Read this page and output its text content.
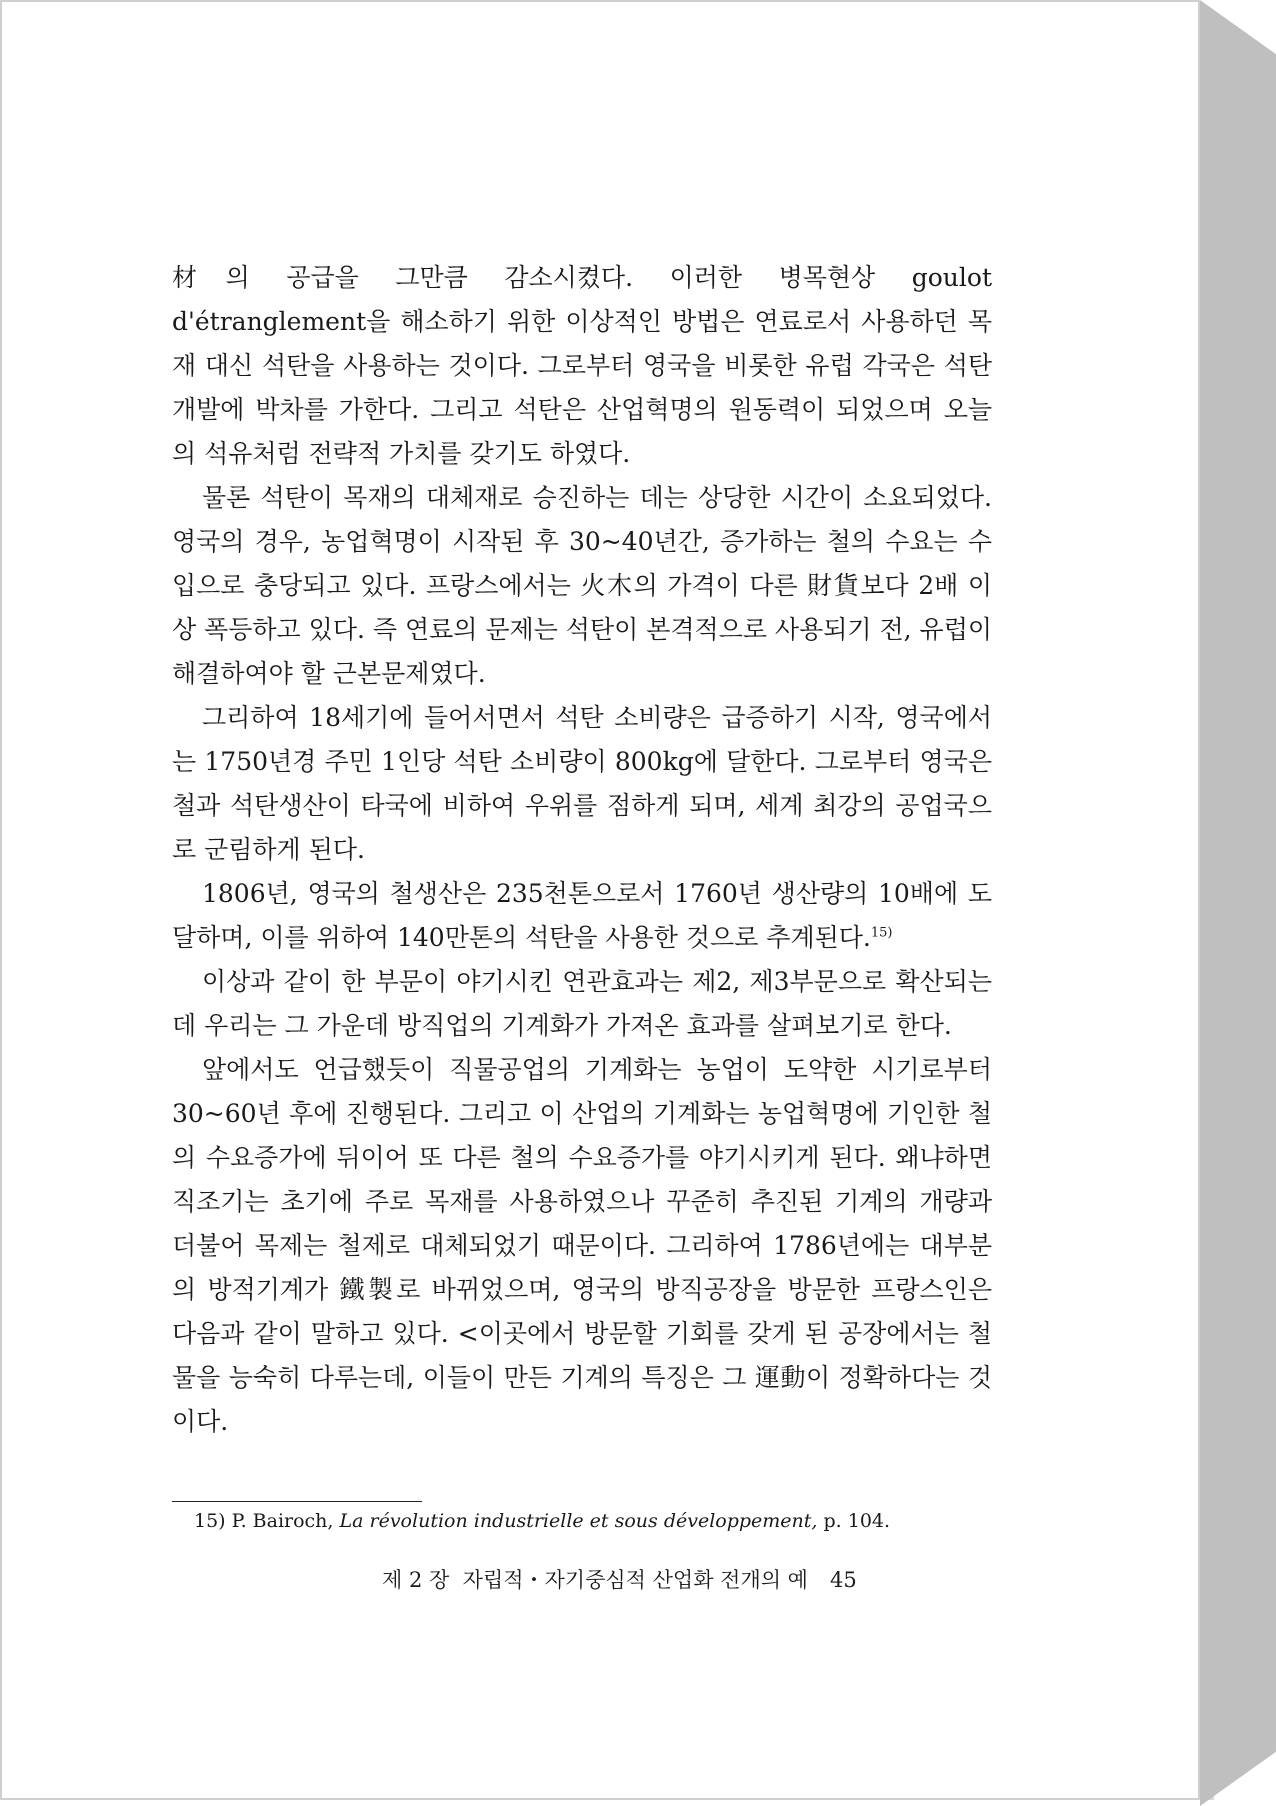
材의 공급을 그만큼 감소시켰다. 이러한 병목현상 goulot d'étranglement을 해소하기 위한 이상적인 방법은 연료로서 사용하던 목재 대신 석탄을 사용하는 것이다. 그로부터 영국을 비롯한 유럽 각국은 석탄개발에 박차를 가한다. 그리고 석탄은 산업혁명의 원동력이 되었으며 오늘의 석유처럼 전략적 가치를 갖기도 하였다.

물론 석탄이 목재의 대체재로 승진하는 데는 상당한 시간이 소요되었다. 영국의 경우, 농업혁명이 시작된 후 30~40년간, 증가하는 철의 수요는 수입으로 충당되고 있다. 프랑스에서는 火木의 가격이 다른 財貨보다 2배 이상 폭등하고 있다. 즉 연료의 문제는 석탄이 본격적으로 사용되기 전, 유럽이 해결하여야 할 근본문제였다.

그리하여 18세기에 들어서면서 석탄 소비량은 급증하기 시작, 영국에서는 1750년경 주민 1인당 석탄 소비량이 800kg에 달한다. 그로부터 영국은 철과 석탄생산이 타국에 비하여 우위를 점하게 되며, 세계 최강의 공업국으로 군림하게 된다.

1806년, 영국의 철생산은 235천톤으로서 1760년 생산량의 10배에 도달하며, 이를 위하여 140만톤의 석탄을 사용한 것으로 추계된다.$^{15)}$

이상과 같이 한 부문이 야기시킨 연관효과는 제2, 제3부문으로 확산되는데 우리는 그 가운데 방직업의 기계화가 가져온 효과를 살펴보기로 한다.

앞에서도 언급했듯이 직물공업의 기계화는 농업이 도약한 시기로부터 30~60년 후에 진행된다. 그리고 이 산업의 기계화는 농업혁명에 기인한 철의 수요증가에 뒤이어 또 다른 철의 수요증가를 야기시키게 된다. 왜냐하면 직조기는 초기에 주로 목재를 사용하였으나 꾸준히 추진된 기계의 개량과 더불어 목제는 철제로 대체되었기 때문이다. 그리하여 1786년에는 대부분의 방적기계가 鐵製로 바뀌었으며, 영국의 방직공장을 방문한 프랑스인은 다음과 같이 말하고 있다. <이곳에서 방문할 기회를 갖게 된 공장에서는 철물을 능숙히 다루는데, 이들이 만든 기계의 특징은 그 運動이 정확하다는 것이다.

15) P. Bairoch, La révolution industrielle et sous développement, p. 104.
제 2 장 자립적・자기중심적 산업화 전개의 예 45
